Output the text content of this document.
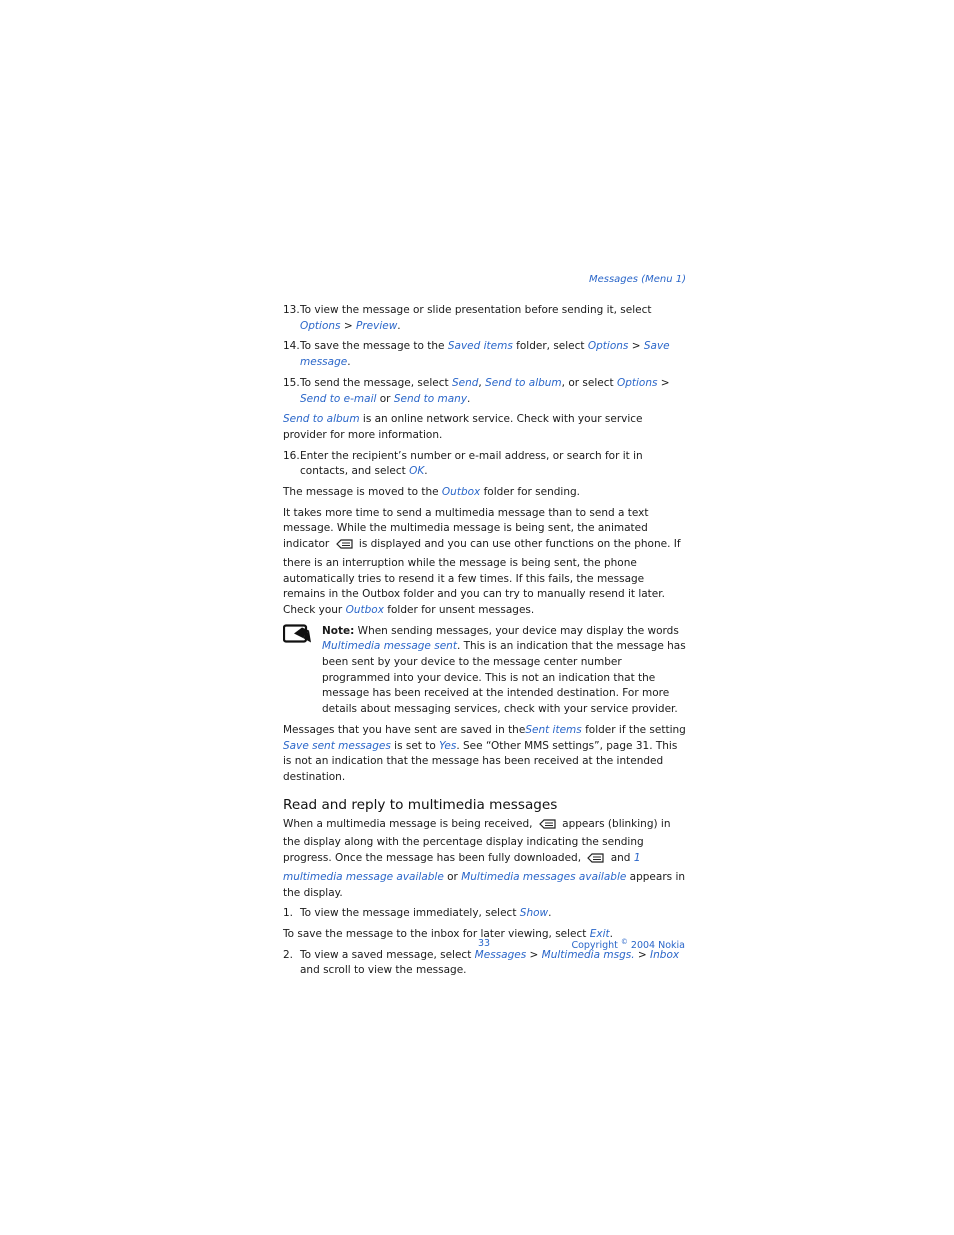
Messages (Menu 1)
13. To view the message or slide presentation before sending it, select
Options > Preview.
14. To save the message to the Saved items folder, select Options > Save message.
15. To send the message, select Send, Send to album, or select Options > Send to e-mail or Send to many.

Send to album is an online network service. Check with your service provider for more information.

16. Enter the recipient’s number or e-mail address, or search for it in contacts, and select OK.

The message is moved to the Outbox folder for sending.

It takes more time to send a multimedia message than to send a text message. While the multimedia message is being sent, the animated indicator  is displayed and you can use other functions on the phone. If there is an interruption while the message is being sent, the phone automatically tries to resend it a few times. If this fails, the message remains in the Outbox folder and you can try to manually resend it later. Check your Outbox folder for unsent messages.

Note: When sending messages, your device may display the words Multimedia message sent. This is an indication that the message has been sent by your device to the message center number programmed into your device. This is not an indication that the message has been received at the intended destination. For more details about messaging services, check with your service provider.

Messages that you have sent are saved in theSent items folder if the setting Save sent messages is set to Yes. See “Other MMS settings”, page 31. This is not an indication that the message has been received at the intended destination.

Read and reply to multimedia messages

When a multimedia message is being received,  appears (blinking) in the display along with the percentage display indicating the sending progress. Once the message has been fully downloaded,  and 1 multimedia message available or Multimedia messages available appears in the display.

1. To view the message immediately, select Show.

To save the message to the inbox for later viewing, select Exit.

2. To view a saved message, select Messages > Multimedia msgs. > Inbox and scroll to view the message.
33	Copyright © 2004 Nokia
